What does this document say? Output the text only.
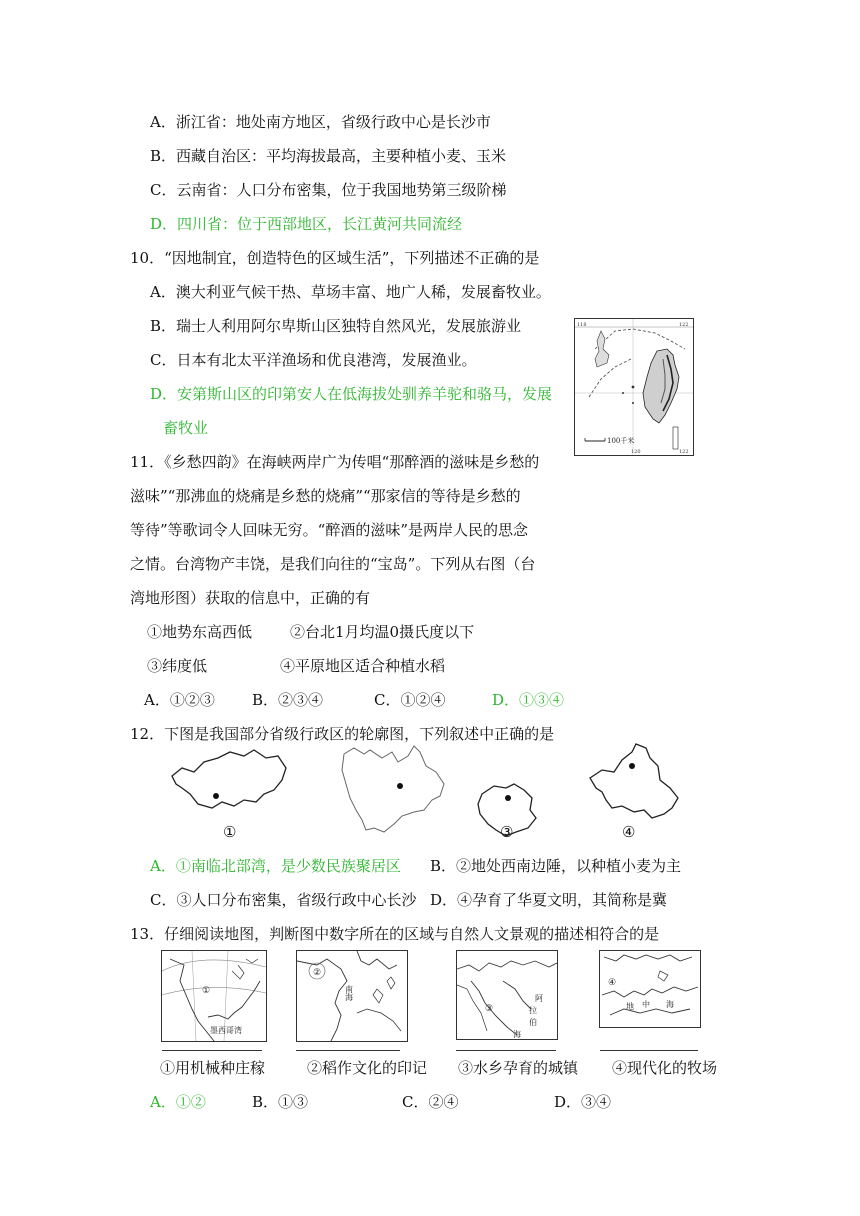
A．浙江省：地处南方地区，省级行政中心是长沙市
B．西藏自治区：平均海拔最高，主要种植小麦、玉米
C．云南省：人口分布密集，位于我国地势第三级阶梯
D．四川省：位于西部地区，长江黄河共同流经
10．“因地制宜，创造特色的区域生活”，下列描述不正确的是
A．澳大利亚气候干热、草场丰富、地广人稀，发展畜牧业。
B．瑞士人利用阿尔卑斯山区独特自然风光，发展旅游业
C．日本有北太平洋渔场和优良港湾，发展渔业。
D．安第斯山区的印第安人在低海拔处驯养羊驼和骆马，发展
畜牧业
118	122
100千米
120	122
11．《乡愁四韵》在海峡两岸广为传唱“那醉酒的滋味是乡愁的
滋味”“那沸血的烧痛是乡愁的烧痛”“那家信的等待是乡愁的
等待”等歌词令人回味无穷。“醉酒的滋味”是两岸人民的思念
之情。台湾物产丰饶，是我们向往的“宝岛”。下列从右图（台
湾地形图）获取的信息中，正确的有
①地势东高西低	②台北1月均温0摄氏度以下
③纬度低	④平原地区适合种植水稻
A．①②③ B．②③④	C．①②④	D．①③④
12．下图是我国部分省级行政区的轮廓图，下列叙述中正确的是
①	③	④
A．①南临北部湾，是少数民族聚居区 B．②地处西南边陲，以种植小麦为主
C．③人口分布密集，省级行政中心长沙 D．④孕育了华夏文明，其简称是冀
13．仔细阅读地图，判断图中数字所在的区域与自然人文景观的描述相符合的是
①
墨西哥湾
②
南海
③
阿
拉
伯
海
④
地 中 海
①用机械种庄稼	②稻作文化的印记 ③水乡孕育的城镇 ④现代化的牧场
A．①②	B．①③	C．②④	D．③④
